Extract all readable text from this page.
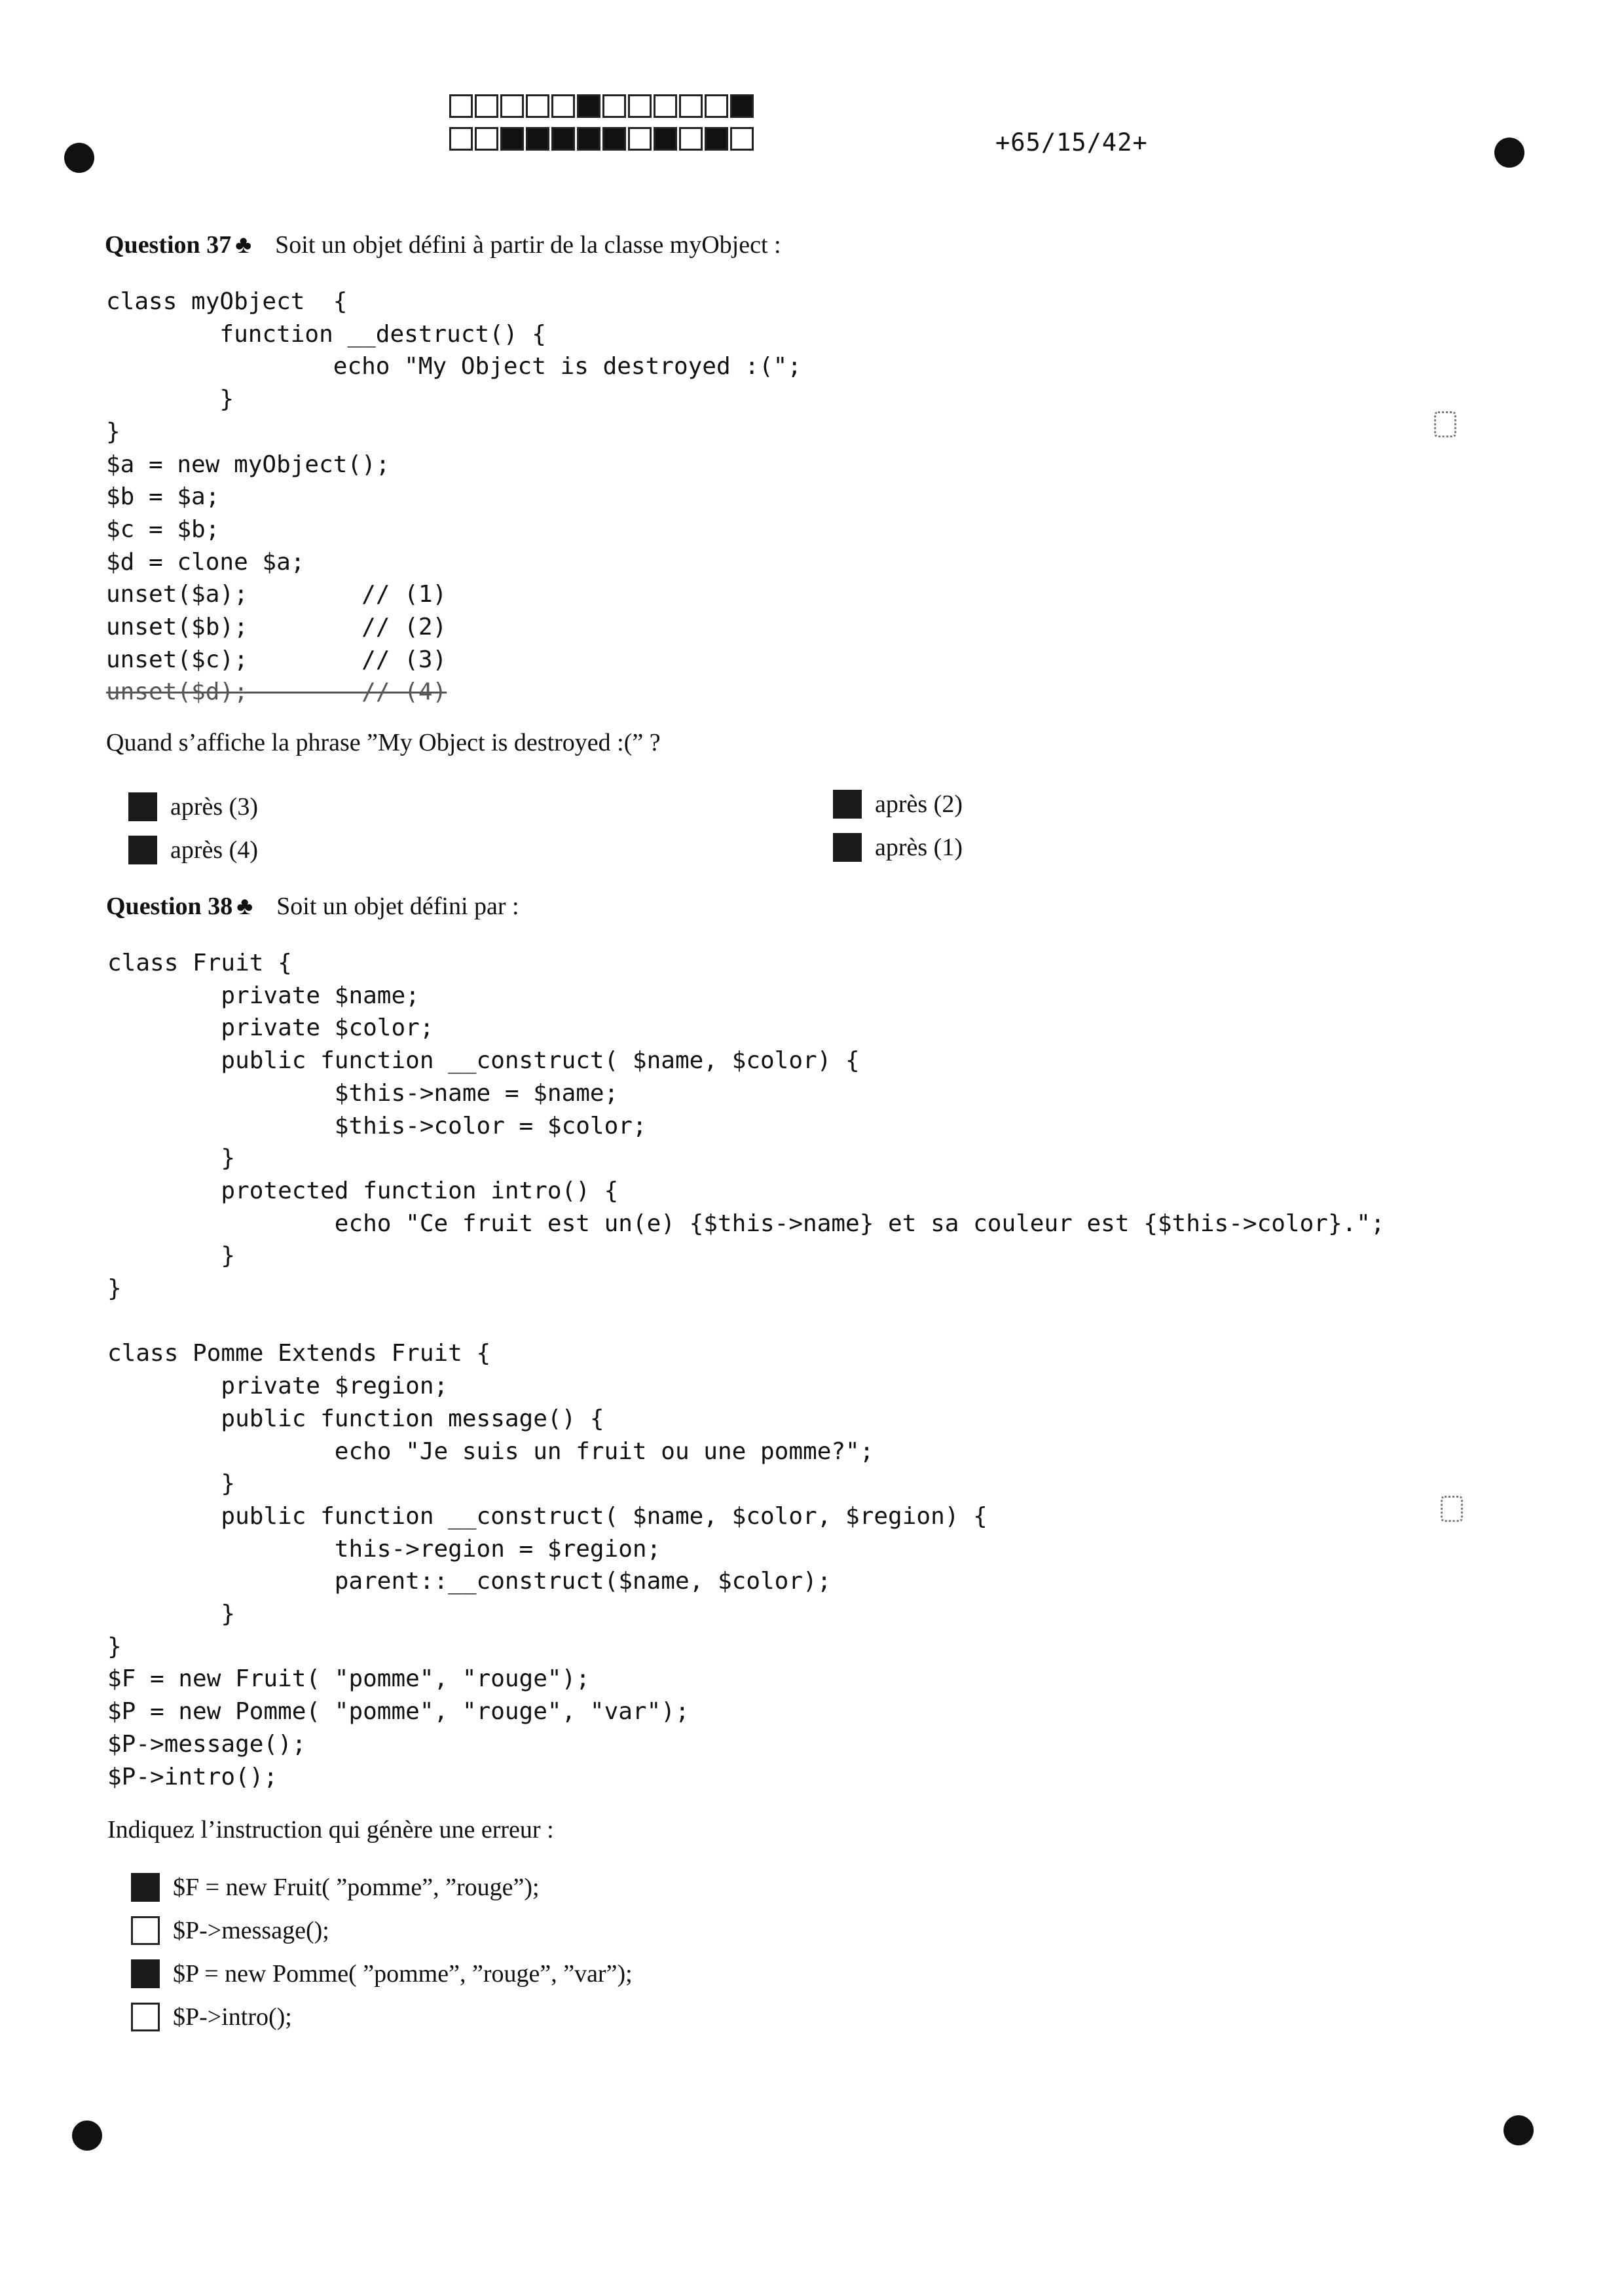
+65/15/42+
Question 37 ♣ Soit un objet défini à partir de la classe myObject :
class myObject  {
function __destruct() {
echo "My Object is destroyed :(";
}
}
$a = new myObject();
$b = $a;
$c = $b;
$d = clone $a;
unset($a);        // (1)
unset($b);        // (2)
unset($c);        // (3)
unset($d);        // (4)
Quand s’affiche la phrase ”My Object is destroyed :(” ?
après (3)
après (4)
après (2)
après (1)
Question 38 ♣ Soit un objet défini par :
class Fruit {
private $name;
private $color;
public function __construct( $name, $color) {
$this->name = $name;
$this->color = $color;
}
protected function intro() {
echo "Ce fruit est un(e) {$this->name} et sa couleur est {$this->color}.";
}
}

class Pomme Extends Fruit {
private $region;
public function message() {
echo "Je suis un fruit ou une pomme?";
}
public function __construct( $name, $color, $region) {
this->region = $region;
parent::__construct($name, $color);
}
}
$F = new Fruit( "pomme", "rouge");
$P = new Pomme( "pomme", "rouge", "var");
$P->message();
$P->intro();
Indiquez l’instruction qui génère une erreur :
$F = new Fruit( ”pomme”, ”rouge”);
$P->message();
$P = new Pomme( ”pomme”, ”rouge”, ”var”);
$P->intro();
